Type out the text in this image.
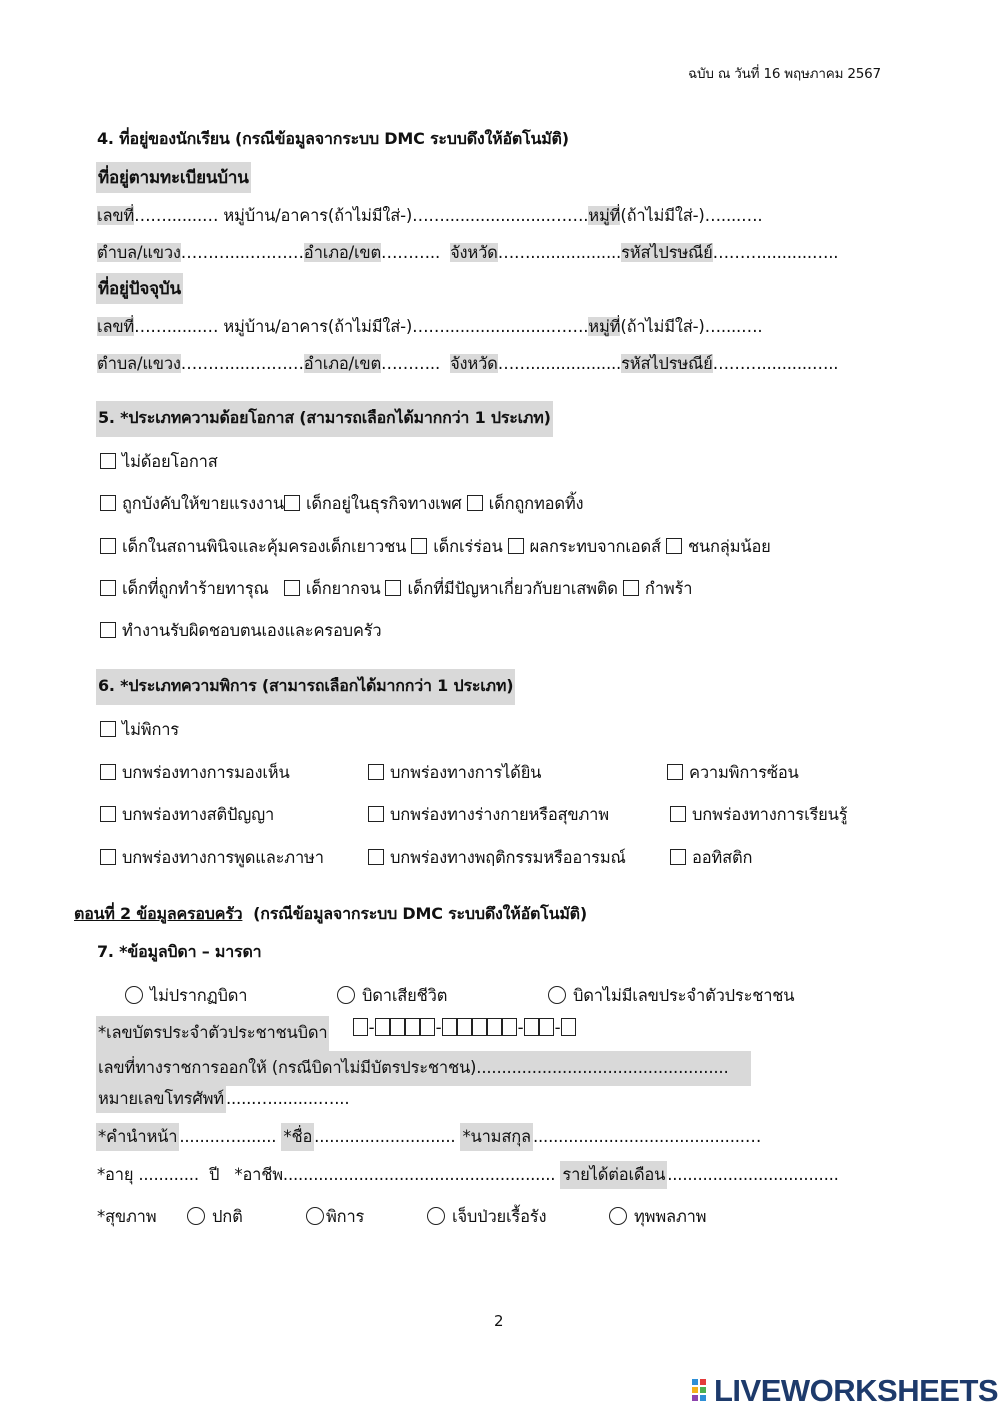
ฉบับ ณ วันที่ 16 พฤษภาคม 2567
4. ที่อยู่ของนักเรียน (กรณีข้อมูลจากระบบ DMC ระบบดึงให้อัตโนมัติ)
ที่อยู่ตามทะเบียนบ้าน
เลขที่…….......… หมู่บ้าน/อาคาร(ถ้าไม่มีใส่-)…….....................…….หมู่ที่(ถ้าไม่มีใส่-)…....….
ตำบล/แขวง………....….……อำเภอ/เขต……….. จังหวัด……..................รหัสไปรษณีย์………..........…..
ที่อยู่ปัจจุบัน
เลขที่…….......… หมู่บ้าน/อาคาร(ถ้าไม่มีใส่-)…….....................…….หมู่ที่(ถ้าไม่มีใส่-)…....….
ตำบล/แขวง………....….……อำเภอ/เขต……….. จังหวัด……..................รหัสไปรษณีย์………..........…..
5. *ประเภทความด้อยโอกาส (สามารถเลือกได้มากกว่า 1 ประเภท)
ไม่ด้อยโอกาส
ถูกบังคับให้ขายแรงงาน เด็กอยู่ในธุรกิจทางเพศ เด็กถูกทอดทิ้ง
เด็กในสถานพินิจและคุ้มครองเด็กเยาวชน เด็กเร่ร่อน ผลกระทบจากเอดส์ ชนกลุ่มน้อย
เด็กที่ถูกทำร้ายทารุณ เด็กยากจน เด็กที่มีปัญหาเกี่ยวกับยาเสพติด กำพร้า
ทำงานรับผิดชอบตนเองและครอบครัว
6. *ประเภทความพิการ (สามารถเลือกได้มากกว่า 1 ประเภท)
ไม่พิการ
บกพร่องทางการมองเห็น	บกพร่องทางการได้ยิน	ความพิการซ้อน
บกพร่องทางสติปัญญา	บกพร่องทางร่างกายหรือสุขภาพ	บกพร่องทางการเรียนรู้
บกพร่องทางการพูดและภาษา	บกพร่องทางพฤติกรรมหรืออารมณ์	ออทิสติก
ตอนที่ 2 ข้อมูลครอบครัว (กรณีข้อมูลจากระบบ DMC ระบบดึงให้อัตโนมัติ)
7. *ข้อมูลบิดา – มารดา
ไม่ปรากฏบิดา	บิดาเสียชีวิต	บิดาไม่มีเลขประจำตัวประชาชน
*เลขบัตรประจำตัวประชาชนบิดา	-	-	- -
เลขที่ทางราชการออกให้ (กรณีบิดาไม่มีบัตรประชาชน)..................................................
หมายเลขโทรศัพท์ ......….........…...
*คำนำหน้า ........…........ *ชื่อ ............................ *นามสกุล ..........................................…
*อายุ ............ ปี *อาชีพ...................................................... รายได้ต่อเดือน ..................................
*สุขภาพ	ปกติ	พิการ	เจ็บป่วยเรื้อรัง	ทุพพลภาพ
2
LIVEWORKSHEETS
